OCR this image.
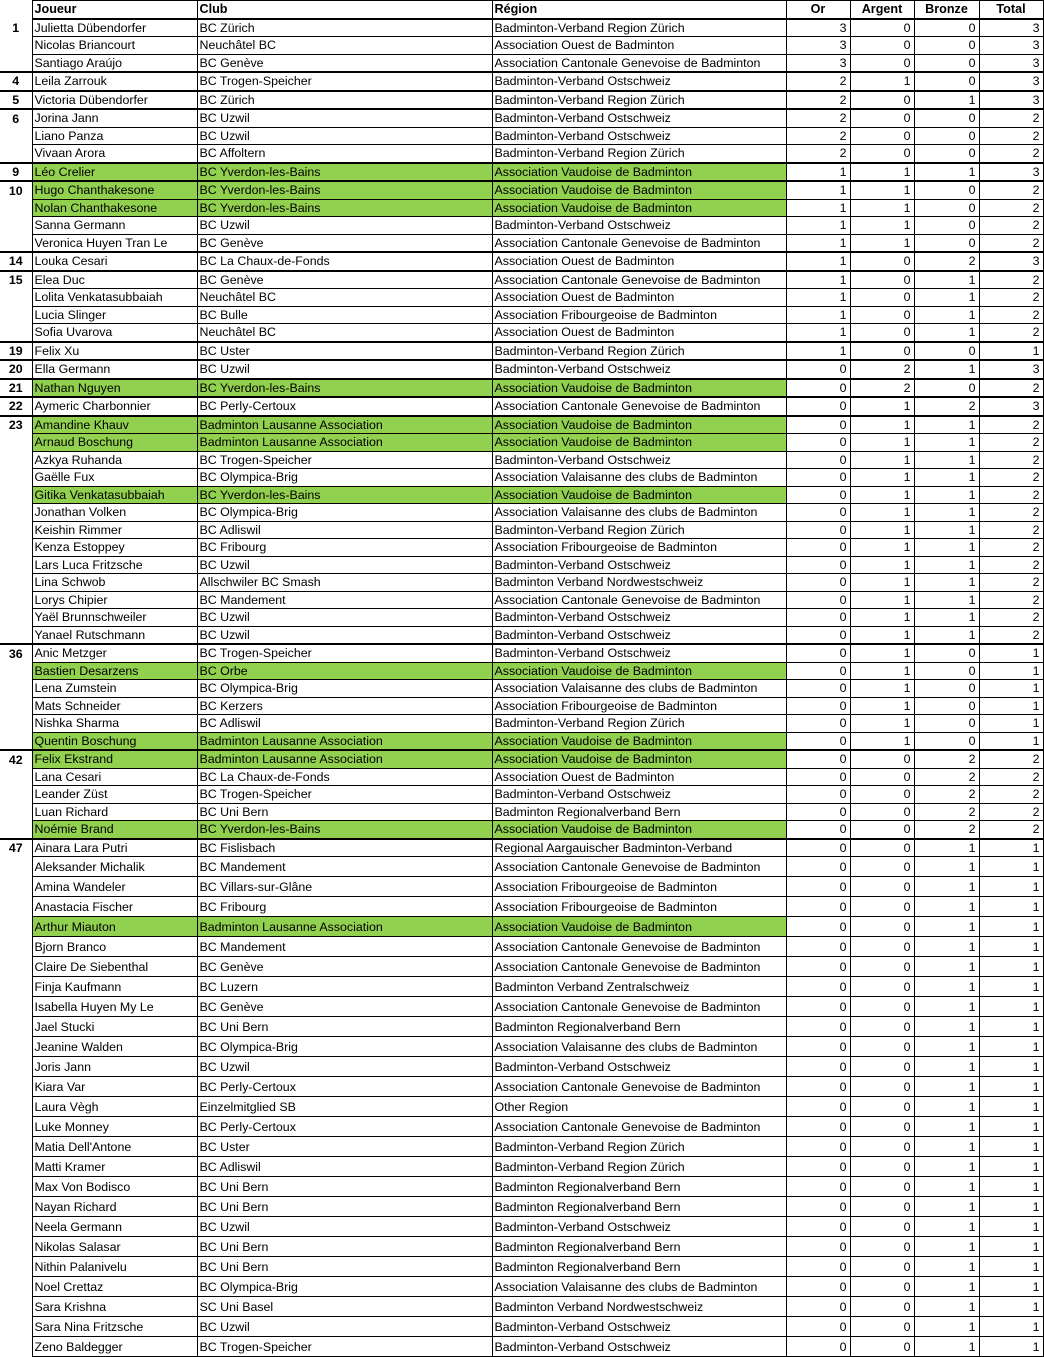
	Joueur	Club	Région	Or	Argent	Bronze	Total
1	Julietta Dübendorfer	BC Zürich	Badminton-Verband Region Zürich	3	0	0	3
	Nicolas Briancourt	Neuchâtel BC	Association Ouest de Badminton	3	0	0	3
	Santiago Araújo	BC Genève	Association Cantonale Genevoise de Badminton	3	0	0	3
4	Leila Zarrouk	BC Trogen-Speicher	Badminton-Verband Ostschweiz	2	1	0	3
5	Victoria Dübendorfer	BC Zürich	Badminton-Verband Region Zürich	2	0	1	3
6	Jorina Jann	BC Uzwil	Badminton-Verband Ostschweiz	2	0	0	2
	Liano Panza	BC Uzwil	Badminton-Verband Ostschweiz	2	0	0	2
	Vivaan Arora	BC Affoltern	Badminton-Verband Region Zürich	2	0	0	2
9	Léo Crelier	BC Yverdon-les-Bains	Association Vaudoise de Badminton	1	1	1	3
10	Hugo Chanthakesone	BC Yverdon-les-Bains	Association Vaudoise de Badminton	1	1	0	2
	Nolan Chanthakesone	BC Yverdon-les-Bains	Association Vaudoise de Badminton	1	1	0	2
	Sanna Germann	BC Uzwil	Badminton-Verband Ostschweiz	1	1	0	2
	Veronica Huyen Tran Le	BC Genève	Association Cantonale Genevoise de Badminton	1	1	0	2
14	Louka Cesari	BC La Chaux-de-Fonds	Association Ouest de Badminton	1	0	2	3
15	Elea Duc	BC Genève	Association Cantonale Genevoise de Badminton	1	0	1	2
	Lolita Venkatasubbaiah	Neuchâtel BC	Association Ouest de Badminton	1	0	1	2
	Lucia Slinger	BC Bulle	Association Fribourgeoise de Badminton	1	0	1	2
	Sofia Uvarova	Neuchâtel BC	Association Ouest de Badminton	1	0	1	2
19	Felix Xu	BC Uster	Badminton-Verband Region Zürich	1	0	0	1
20	Ella Germann	BC Uzwil	Badminton-Verband Ostschweiz	0	2	1	3
21	Nathan Nguyen	BC Yverdon-les-Bains	Association Vaudoise de Badminton	0	2	0	2
22	Aymeric Charbonnier	BC Perly-Certoux	Association Cantonale Genevoise de Badminton	0	1	2	3
23	Amandine Khauv	Badminton Lausanne Association	Association Vaudoise de Badminton	0	1	1	2
	Arnaud Boschung	Badminton Lausanne Association	Association Vaudoise de Badminton	0	1	1	2
	Azkya Ruhanda	BC Trogen-Speicher	Badminton-Verband Ostschweiz	0	1	1	2
	Gaëlle Fux	BC Olympica-Brig	Association Valaisanne des clubs de Badminton	0	1	1	2
	Gitika Venkatasubbaiah	BC Yverdon-les-Bains	Association Vaudoise de Badminton	0	1	1	2
	Jonathan Volken	BC Olympica-Brig	Association Valaisanne des clubs de Badminton	0	1	1	2
	Keishin Rimmer	BC Adliswil	Badminton-Verband Region Zürich	0	1	1	2
	Kenza Estoppey	BC Fribourg	Association Fribourgeoise de Badminton	0	1	1	2
	Lars Luca Fritzsche	BC Uzwil	Badminton-Verband Ostschweiz	0	1	1	2
	Lina Schwob	Allschwiler BC Smash	Badminton Verband Nordwestschweiz	0	1	1	2
	Lorys Chipier	BC Mandement	Association Cantonale Genevoise de Badminton	0	1	1	2
	Yaël Brunnschweiler	BC Uzwil	Badminton-Verband Ostschweiz	0	1	1	2
	Yanael Rutschmann	BC Uzwil	Badminton-Verband Ostschweiz	0	1	1	2
36	Anic Metzger	BC Trogen-Speicher	Badminton-Verband Ostschweiz	0	1	0	1
	Bastien Desarzens	BC Orbe	Association Vaudoise de Badminton	0	1	0	1
	Lena Zumstein	BC Olympica-Brig	Association Valaisanne des clubs de Badminton	0	1	0	1
	Mats Schneider	BC Kerzers	Association Fribourgeoise de Badminton	0	1	0	1
	Nishka Sharma	BC Adliswil	Badminton-Verband Region Zürich	0	1	0	1
	Quentin Boschung	Badminton Lausanne Association	Association Vaudoise de Badminton	0	1	0	1
42	Felix Ekstrand	Badminton Lausanne Association	Association Vaudoise de Badminton	0	0	2	2
	Lana Cesari	BC La Chaux-de-Fonds	Association Ouest de Badminton	0	0	2	2
	Leander Züst	BC Trogen-Speicher	Badminton-Verband Ostschweiz	0	0	2	2
	Luan Richard	BC Uni Bern	Badminton Regionalverband Bern	0	0	2	2
	Noémie Brand	BC Yverdon-les-Bains	Association Vaudoise de Badminton	0	0	2	2
47	Ainara Lara Putri	BC Fislisbach	Regional Aargauischer Badminton-Verband	0	0	1	1
	Aleksander Michalik	BC Mandement	Association Cantonale Genevoise de Badminton	0	0	1	1
	Amina Wandeler	BC Villars-sur-Glâne	Association Fribourgeoise de Badminton	0	0	1	1
	Anastacia Fischer	BC Fribourg	Association Fribourgeoise de Badminton	0	0	1	1
	Arthur Miauton	Badminton Lausanne Association	Association Vaudoise de Badminton	0	0	1	1
	Bjorn Branco	BC Mandement	Association Cantonale Genevoise de Badminton	0	0	1	1
	Claire De Siebenthal	BC Genève	Association Cantonale Genevoise de Badminton	0	0	1	1
	Finja Kaufmann	BC Luzern	Badminton Verband Zentralschweiz	0	0	1	1
	Isabella Huyen My Le	BC Genève	Association Cantonale Genevoise de Badminton	0	0	1	1
	Jael Stucki	BC Uni Bern	Badminton Regionalverband Bern	0	0	1	1
	Jeanine Walden	BC Olympica-Brig	Association Valaisanne des clubs de Badminton	0	0	1	1
	Joris Jann	BC Uzwil	Badminton-Verband Ostschweiz	0	0	1	1
	Kiara Var	BC Perly-Certoux	Association Cantonale Genevoise de Badminton	0	0	1	1
	Laura Vègh	Einzelmitglied SB	Other Region	0	0	1	1
	Luke Monney	BC Perly-Certoux	Association Cantonale Genevoise de Badminton	0	0	1	1
	Matia Dell'Antone	BC Uster	Badminton-Verband Region Zürich	0	0	1	1
	Matti Kramer	BC Adliswil	Badminton-Verband Region Zürich	0	0	1	1
	Max Von Bodisco	BC Uni Bern	Badminton Regionalverband Bern	0	0	1	1
	Nayan Richard	BC Uni Bern	Badminton Regionalverband Bern	0	0	1	1
	Neela Germann	BC Uzwil	Badminton-Verband Ostschweiz	0	0	1	1
	Nikolas Salasar	BC Uni Bern	Badminton Regionalverband Bern	0	0	1	1
	Nithin Palanivelu	BC Uni Bern	Badminton Regionalverband Bern	0	0	1	1
	Noel Crettaz	BC Olympica-Brig	Association Valaisanne des clubs de Badminton	0	0	1	1
	Sara Krishna	SC Uni Basel	Badminton Verband Nordwestschweiz	0	0	1	1
	Sara Nina Fritzsche	BC Uzwil	Badminton-Verband Ostschweiz	0	0	1	1
	Zeno Baldegger	BC Trogen-Speicher	Badminton-Verband Ostschweiz	0	0	1	1
